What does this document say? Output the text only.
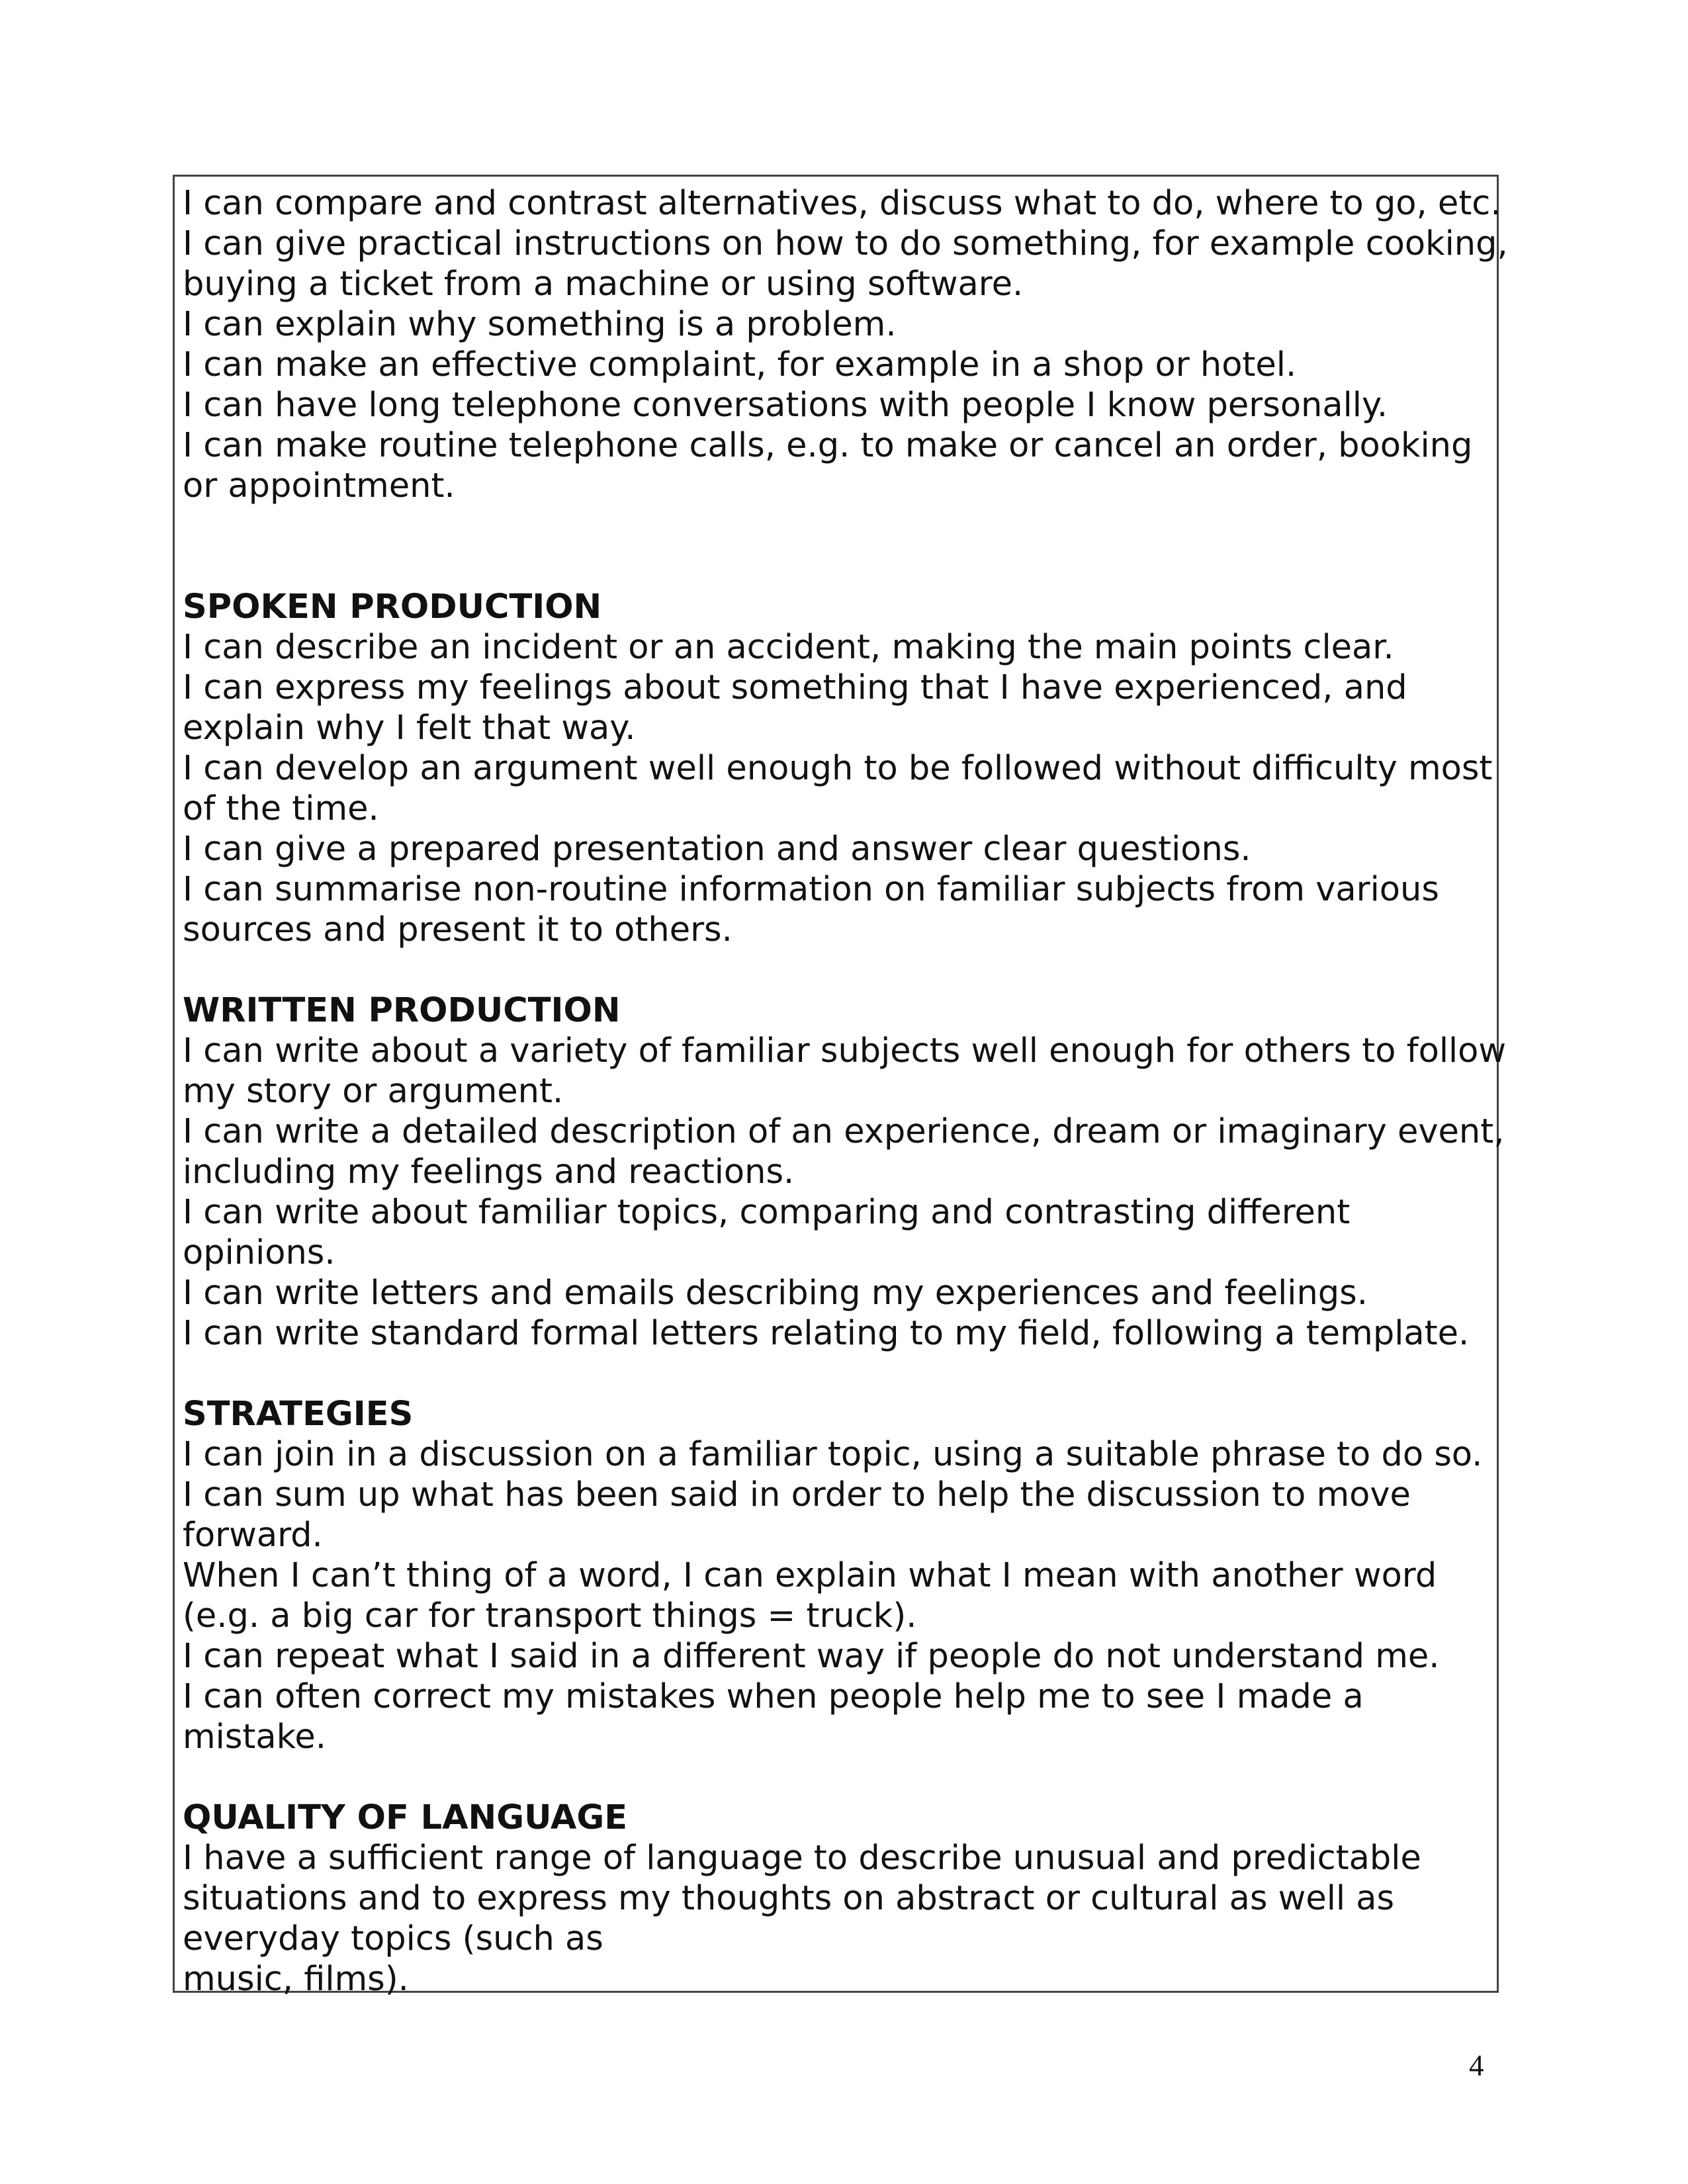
I can compare and contrast alternatives, discuss what to do, where to go, etc.
I can give practical instructions on how to do something, for example cooking,
buying a ticket from a machine or using software.
I can explain why something is a problem.
I can make an effective complaint, for example in a shop or hotel.
I can have long telephone conversations with people I know personally.
I can make routine telephone calls, e.g. to make or cancel an order, booking
or appointment.
SPOKEN PRODUCTION
I can describe an incident or an accident, making the main points clear.
I can express my feelings about something that I have experienced, and
explain why I felt that way.
I can develop an argument well enough to be followed without difficulty most
of the time.
I can give a prepared presentation and answer clear questions.
I can summarise non-routine information on familiar subjects from various
sources and present it to others.
WRITTEN PRODUCTION
I can write about a variety of familiar subjects well enough for others to follow
my story or argument.
I can write a detailed description of an experience, dream or imaginary event,
including my feelings and reactions.
I can write about familiar topics, comparing and contrasting different
opinions.
I can write letters and emails describing my experiences and feelings.
I can write standard formal letters relating to my field, following a template.
STRATEGIES
I can join in a discussion on a familiar topic, using a suitable phrase to do so.
I can sum up what has been said in order to help the discussion to move
forward.
When I can’t thing of a word, I can explain what I mean with another word
(e.g. a big car for transport things = truck).
I can repeat what I said in a different way if people do not understand me.
I can often correct my mistakes when people help me to see I made a
mistake.
QUALITY OF LANGUAGE
I have a sufficient range of language to describe unusual and predictable
situations and to express my thoughts on abstract or cultural as well as
everyday topics (such as
music, films).
4
